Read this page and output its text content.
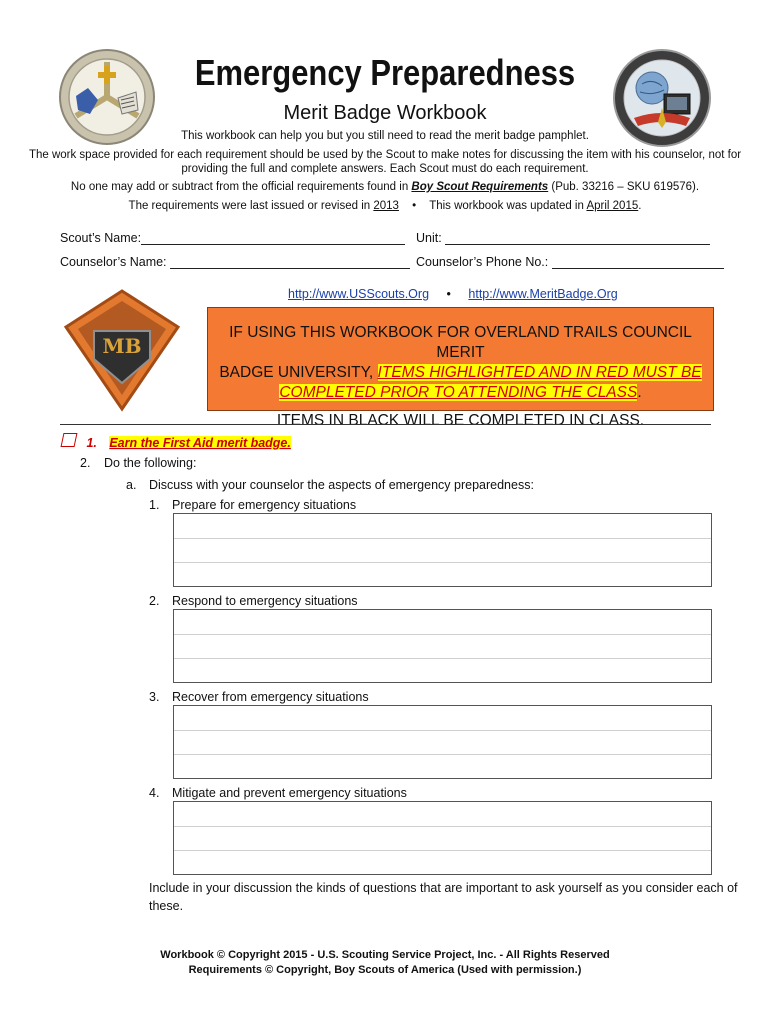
Emergency Preparedness
Merit Badge Workbook
This workbook can help you but you still need to read the merit badge pamphlet.
The work space provided for each requirement should be used by the Scout to make notes for discussing the item with his counselor, not for
providing the full and complete answers. Each Scout must do each requirement.
No one may add or subtract from the official requirements found in Boy Scout Requirements (Pub. 33216 – SKU 619576).
The requirements were last issued or revised in 2013 • This workbook was updated in April 2015.
Scout’s Name:	Unit:
Counselor’s Name:	Counselor’s Phone No.:
http://www.USScouts.Org • http://www.MeritBadge.Org
MB
IF USING THIS WORKBOOK FOR OVERLAND TRAILS COUNCIL MERIT
BADGE UNIVERSITY, ITEMS HIGHLIGHTED AND IN RED MUST BE
COMPLETED PRIOR TO ATTENDING THE CLASS.
ITEMS IN BLACK WILL BE COMPLETED IN CLASS.
1. Earn the First Aid merit badge.
2. Do the following:
a. Discuss with your counselor the aspects of emergency preparedness:
1. Prepare for emergency situations
2. Respond to emergency situations
3. Recover from emergency situations
4. Mitigate and prevent emergency situations
Include in your discussion the kinds of questions that are important to ask yourself as you consider each of
these.
Workbook © Copyright 2015 - U.S. Scouting Service Project, Inc. - All Rights Reserved
Requirements © Copyright, Boy Scouts of America (Used with permission.)
